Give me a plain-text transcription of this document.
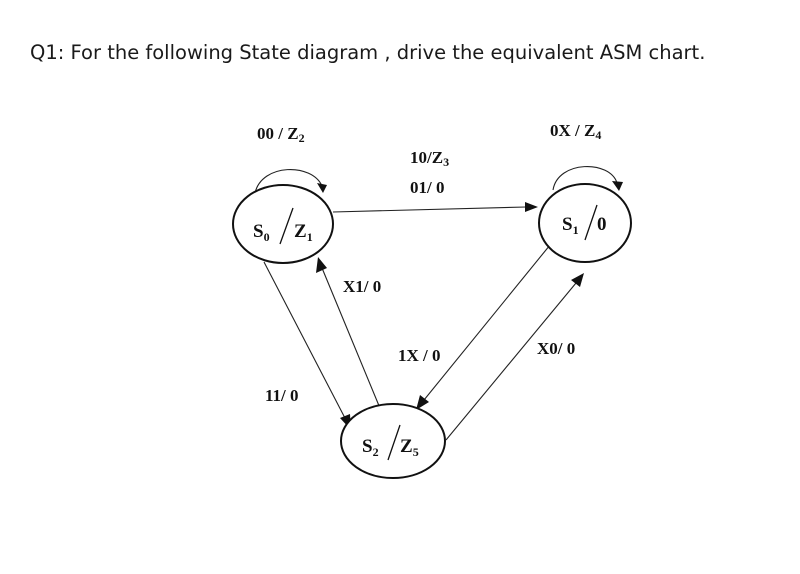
Q1: For the following State diagram , drive the equivalent ASM chart.
$S_0$ $Z_1$
$S_1$ 0
$S_2$ $Z_5$
00 / Z2	0X / Z4
10/Z3
01/ 0
X1/ 0
1X / 0	X0/ 0
11/ 0
